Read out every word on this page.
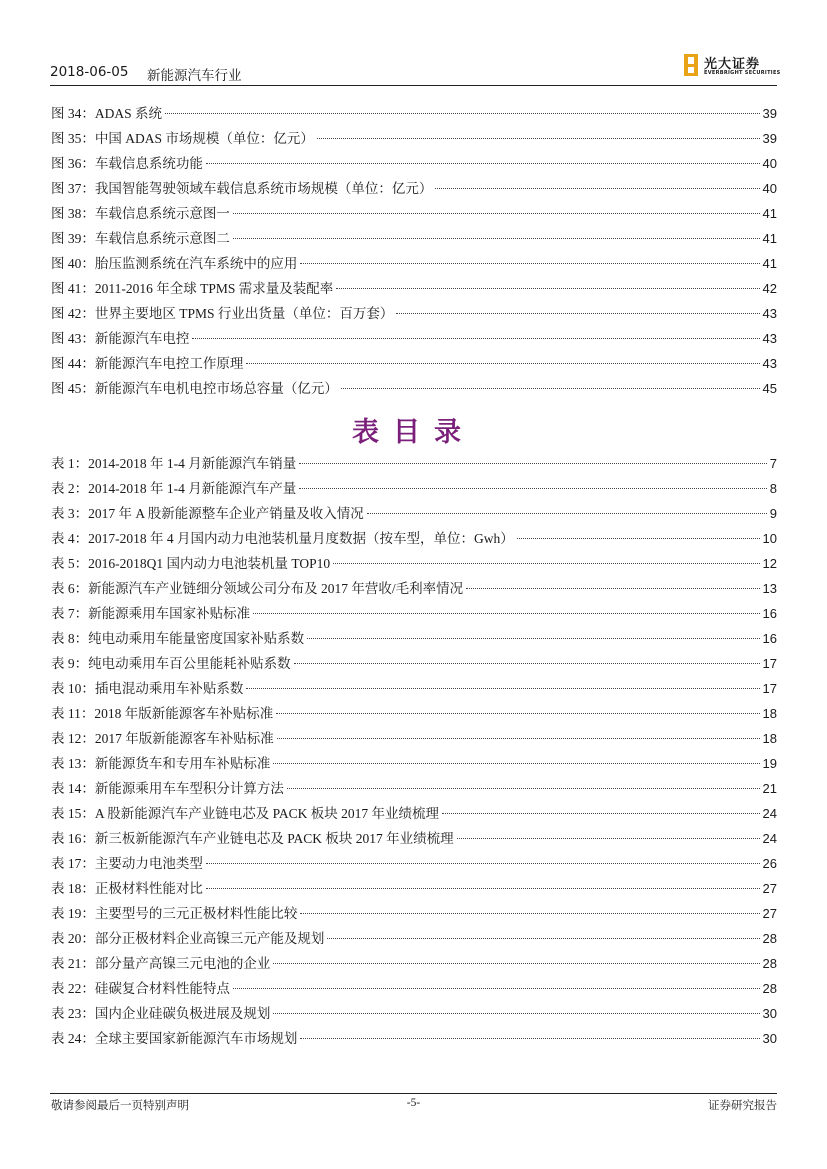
2018-06-05 新能源汽车行业
光大证券
EVERBRIGHT SECURITIES
图 34：ADAS 系统	39
图 35：中国 ADAS 市场规模（单位：亿元）	39
图 36：车载信息系统功能	40
图 37：我国智能驾驶领域车载信息系统市场规模（单位：亿元）	40
图 38：车载信息系统示意图一	41
图 39：车载信息系统示意图二	41
图 40：胎压监测系统在汽车系统中的应用	41
图 41：2011-2016 年全球 TPMS 需求量及装配率	42
图 42：世界主要地区 TPMS 行业出货量（单位：百万套）	43
图 43：新能源汽车电控	43
图 44：新能源汽车电控工作原理	43
图 45：新能源汽车电机电控市场总容量（亿元）	45
表目录
表 1：2014-2018 年 1-4 月新能源汽车销量	7
表 2：2014-2018 年 1-4 月新能源汽车产量	8
表 3：2017 年 A 股新能源整车企业产销量及收入情况	9
表 4：2017-2018 年 4 月国内动力电池装机量月度数据（按车型，单位：Gwh）	10
表 5：2016-2018Q1 国内动力电池装机量 TOP10	12
表 6：新能源汽车产业链细分领域公司分布及 2017 年营收/毛利率情况	13
表 7：新能源乘用车国家补贴标准	16
表 8：纯电动乘用车能量密度国家补贴系数	16
表 9：纯电动乘用车百公里能耗补贴系数	17
表 10：插电混动乘用车补贴系数	17
表 11：2018 年版新能源客车补贴标准	18
表 12：2017 年版新能源客车补贴标准	18
表 13：新能源货车和专用车补贴标准	19
表 14：新能源乘用车车型积分计算方法	21
表 15：A 股新能源汽车产业链电芯及 PACK 板块 2017 年业绩梳理	24
表 16：新三板新能源汽车产业链电芯及 PACK 板块 2017 年业绩梳理	24
表 17：主要动力电池类型	26
表 18：正极材料性能对比	27
表 19：主要型号的三元正极材料性能比较	27
表 20：部分正极材料企业高镍三元产能及规划	28
表 21：部分量产高镍三元电池的企业	28
表 22：硅碳复合材料性能特点	28
表 23：国内企业硅碳负极进展及规划	30
表 24：全球主要国家新能源汽车市场规划	30
敬请参阅最后一页特别声明	-5-	证券研究报告
